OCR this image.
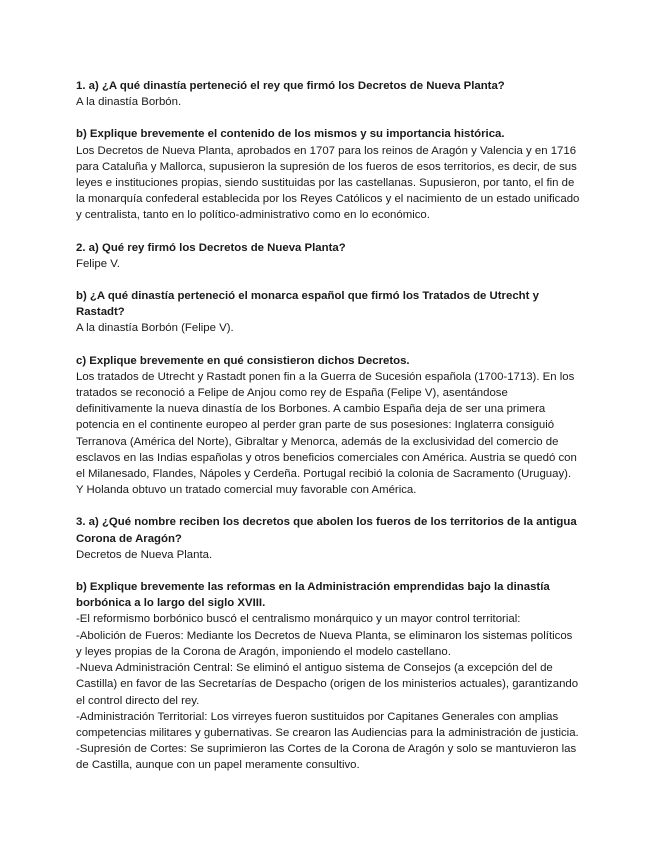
1. a) ¿A qué dinastía perteneció el rey que firmó los Decretos de Nueva Planta?

A la dinastía Borbón.

b) Explique brevemente el contenido de los mismos y su importancia histórica.

Los Decretos de Nueva Planta, aprobados en 1707 para los reinos de Aragón y Valencia y en 1716 para Cataluña y Mallorca, supusieron la supresión de los fueros de esos territorios, es decir, de sus leyes e instituciones propias, siendo sustituidas por las castellanas. Supusieron, por tanto, el fin de la monarquía confederal establecida por los Reyes Católicos y el nacimiento de un estado unificado y centralista, tanto en lo político-administrativo como en lo económico.

2. a) Qué rey firmó los Decretos de Nueva Planta?

Felipe V.

b) ¿A qué dinastía perteneció el monarca español que firmó los Tratados de Utrecht y Rastadt?

A la dinastía Borbón (Felipe V).

c) Explique brevemente en qué consistieron dichos Decretos.

Los tratados de Utrecht y Rastadt ponen fin a la Guerra de Sucesión española (1700-1713). En los tratados se reconoció a Felipe de Anjou como rey de España (Felipe V), asentándose definitivamente la nueva dinastía de los Borbones. A cambio España deja de ser una primera potencia en el continente europeo al perder gran parte de sus posesiones: Inglaterra consiguió Terranova (América del Norte), Gibraltar y Menorca, además de la exclusividad del comercio de esclavos en las Indias españolas y otros beneficios comerciales con América. Austria se quedó con el Milanesado, Flandes, Nápoles y Cerdeña. Portugal recibió la colonia de Sacramento (Uruguay). Y Holanda obtuvo un tratado comercial muy favorable con América.

3. a) ¿Qué nombre reciben los decretos que abolen los fueros de los territorios de la antigua Corona de Aragón?

Decretos de Nueva Planta.

b) Explique brevemente las reformas en la Administración emprendidas bajo la dinastía borbónica a lo largo del siglo XVIII.

-El reformismo borbónico buscó el centralismo monárquico y un mayor control territorial:

-Abolición de Fueros: Mediante los Decretos de Nueva Planta, se eliminaron los sistemas políticos y leyes propias de la Corona de Aragón, imponiendo el modelo castellano.

-Nueva Administración Central: Se eliminó el antiguo sistema de Consejos (a excepción del de Castilla) en favor de las Secretarías de Despacho (origen de los ministerios actuales), garantizando el control directo del rey.

-Administración Territorial: Los virreyes fueron sustituidos por Capitanes Generales con amplias competencias militares y gubernativas. Se crearon las Audiencias para la administración de justicia.

-Supresión de Cortes: Se suprimieron las Cortes de la Corona de Aragón y solo se mantuvieron las de Castilla, aunque con un papel meramente consultivo.
